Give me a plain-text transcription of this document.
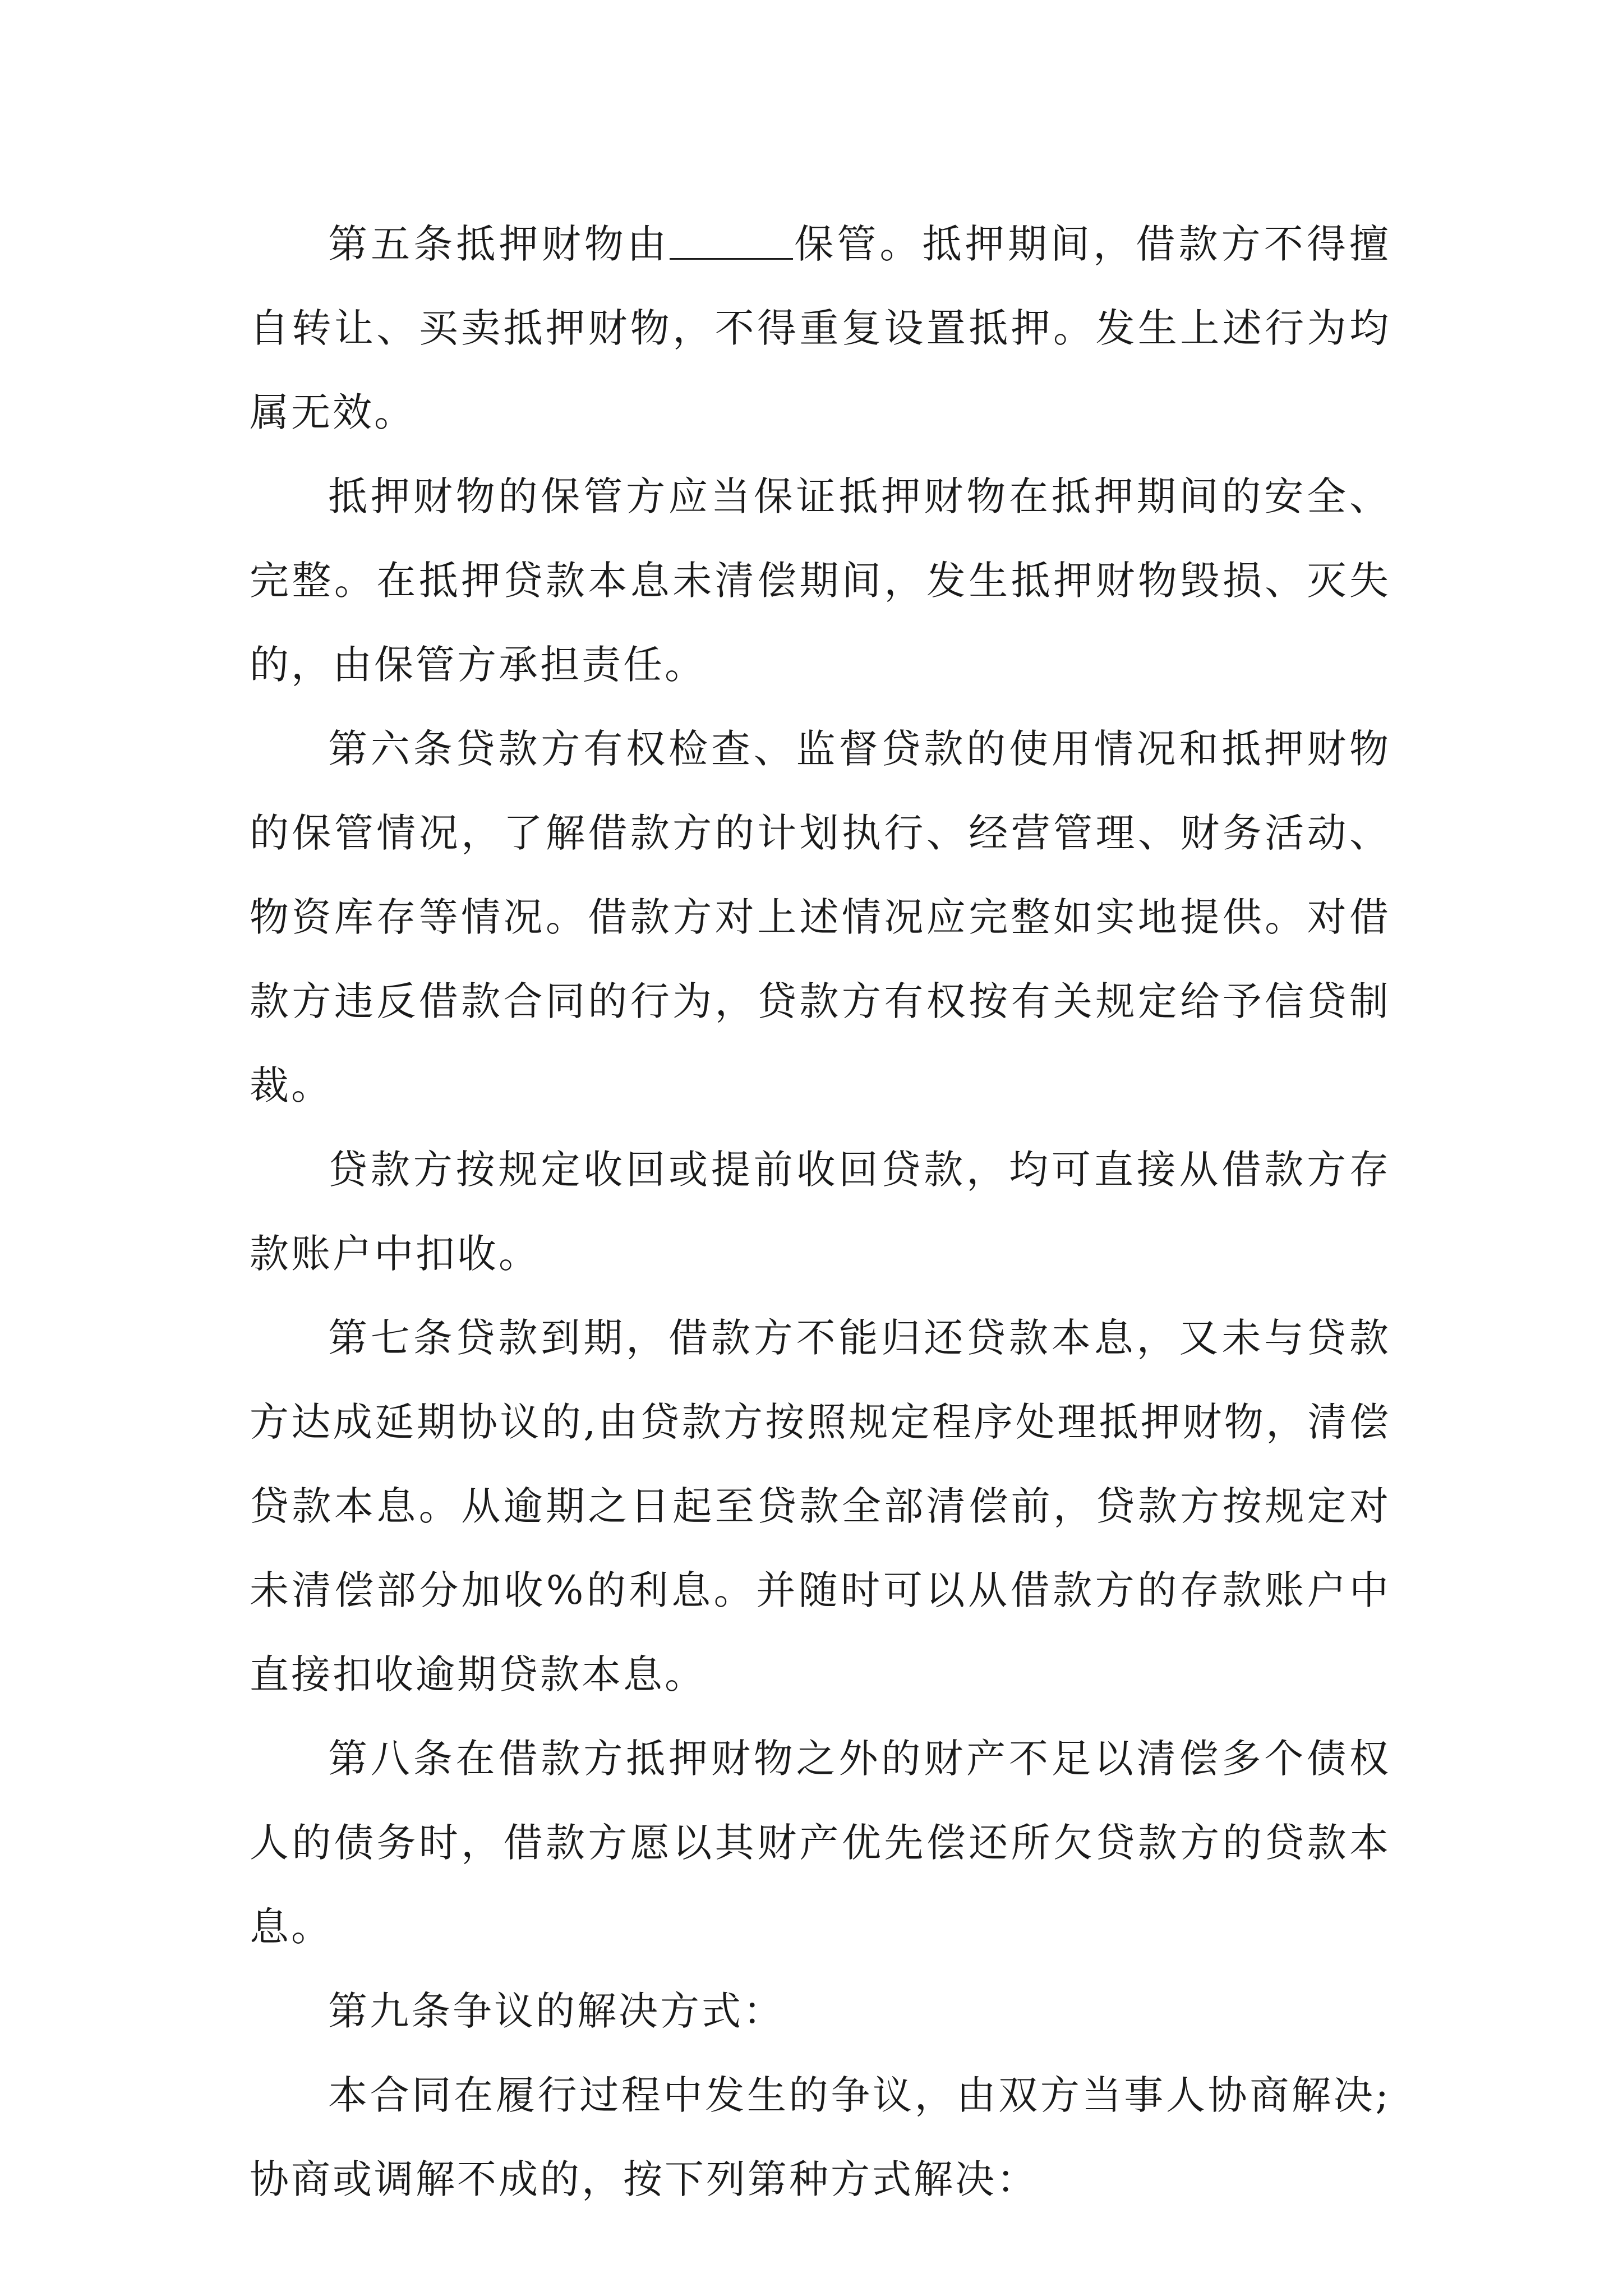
第五条抵押财物由	保管。抵押期间，借款方不得擅自转让、买卖抵押财物，不得重复设置抵押。发生上述行为均属无效。

抵押财物的保管方应当保证抵押财物在抵押期间的安全、完整。在抵押贷款本息未清偿期间，发生抵押财物毁损、灭失的，由保管方承担责任。

第六条贷款方有权检查、监督贷款的使用情况和抵押财物的保管情况，了解借款方的计划执行、经营管理、财务活动、物资库存等情况。借款方对上述情况应完整如实地提供。对借款方违反借款合同的行为，贷款方有权按有关规定给予信贷制裁。

贷款方按规定收回或提前收回贷款，均可直接从借款方存款账户中扣收。

第七条贷款到期，借款方不能归还贷款本息，又未与贷款方达成延期协议的,由贷款方按照规定程序处理抵押财物，清偿贷款本息。从逾期之日起至贷款全部清偿前，贷款方按规定对未清偿部分加收%的利息。并随时可以从借款方的存款账户中直接扣收逾期贷款本息。

第八条在借款方抵押财物之外的财产不足以清偿多个债权人的债务时，借款方愿以其财产优先偿还所欠贷款方的贷款本息。

第九条争议的解决方式：

本合同在履行过程中发生的争议，由双方当事人协商解决;协商或调解不成的，按下列第种方式解决：
